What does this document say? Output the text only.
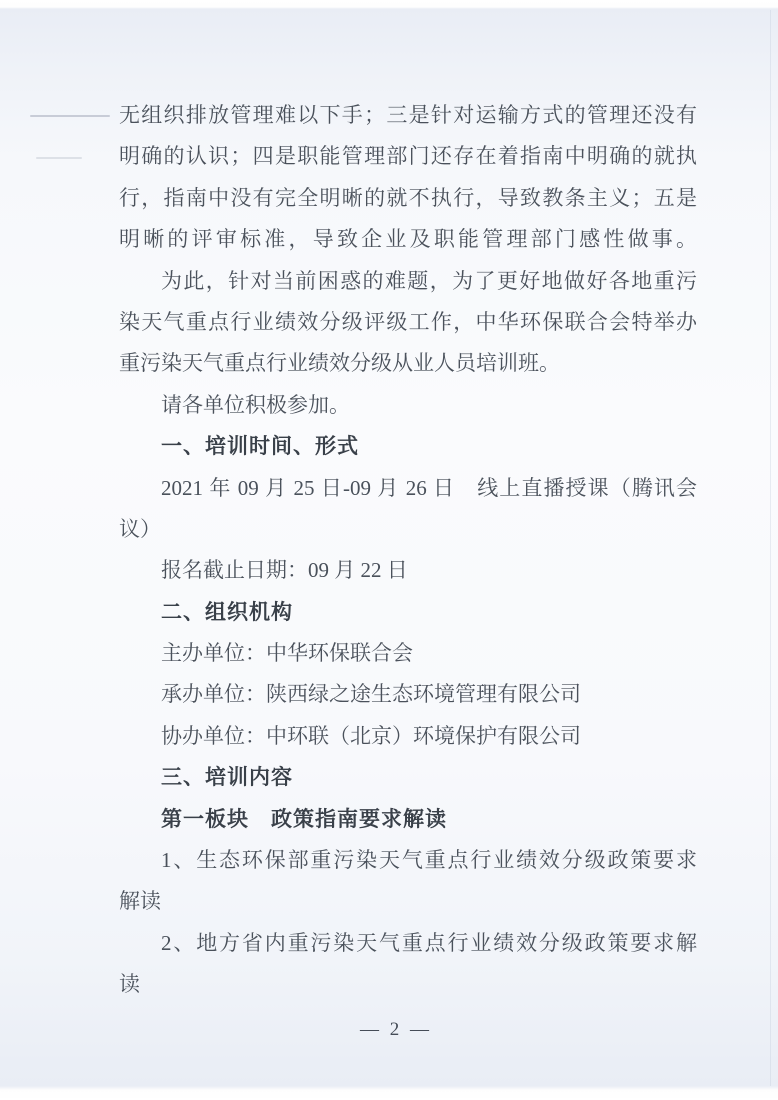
无组织排放管理难以下手；三是针对运输方式的管理还没有
明确的认识；四是职能管理部门还存在着指南中明确的就执
行，指南中没有完全明晰的就不执行，导致教条主义；五是
明晰的评审标准，导致企业及职能管理部门感性做事。
为此，针对当前困惑的难题，为了更好地做好各地重污
染天气重点行业绩效分级评级工作，中华环保联合会特举办
重污染天气重点行业绩效分级从业人员培训班。
请各单位积极参加。
一、培训时间、形式
2021 年 09 月 25 日-09 月 26 日　线上直播授课（腾讯会
议）
报名截止日期：09 月 22 日
二、组织机构
主办单位：中华环保联合会
承办单位：陕西绿之途生态环境管理有限公司
协办单位：中环联（北京）环境保护有限公司
三、培训内容
第一板块　政策指南要求解读
1、生态环保部重污染天气重点行业绩效分级政策要求
解读
2、地方省内重污染天气重点行业绩效分级政策要求解
读
— 2 —
